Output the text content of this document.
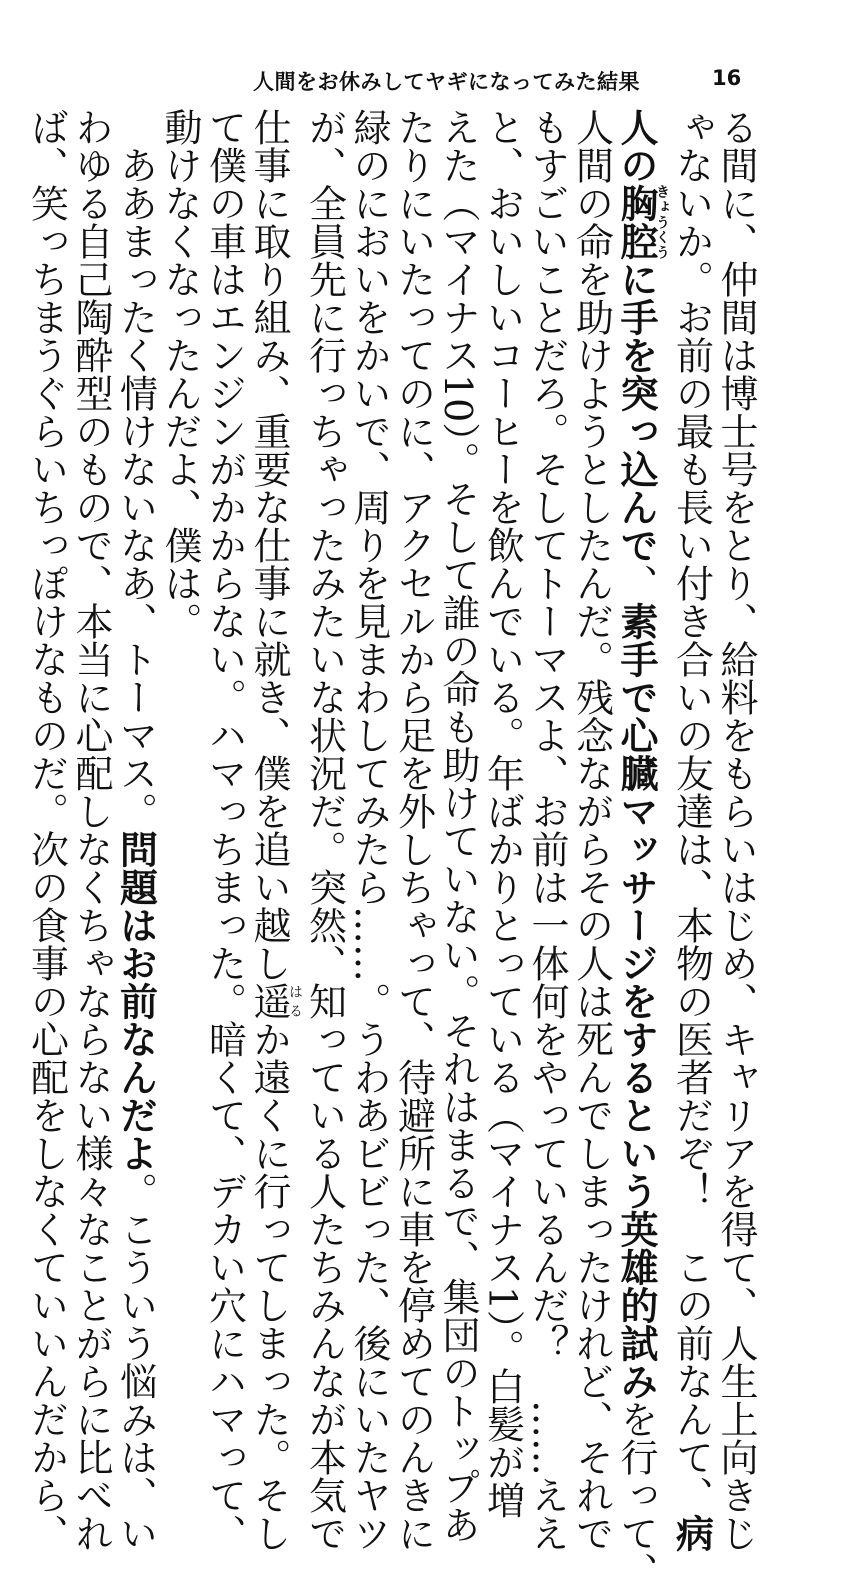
人間をお休みしてヤギになってみた結果	16
る間に、仲間は博士号をとり、給料をもらいはじめ、キャリアを得て、人生上向きじ
ゃないか。お前の最も長い付き合いの友達は、本物の医者だぞ！　この前なんて、病
人の胸腔きょうくうに手を突っ込んで、素手で心臓マッサージをするという英雄的試みを行って、
人間の命を助けようとしたんだ。残念ながらその人は死んでしまったけれど、それで
もすごいことだろ。そしてトーマスよ、お前は一体何をやっているんだ？　……ええ
と、おいしいコーヒーを飲んでいる。年ばかりとっている（マイナス1）。白髪が増
えた（マイナス10）。そして誰の命も助けていない。それはまるで、集団のトップあ
たりにいたってのに、アクセルから足を外しちゃって、待避所に車を停めてのんきに
緑のにおいをかいで、周りを見まわしてみたら……。うわあビビった、後にいたヤツ
が、全員先に行っちゃったみたいな状況だ。突然、知っている人たちみんなが本気で
仕事に取り組み、重要な仕事に就き、僕を追い越し遥はるか遠くに行ってしまった。そし
て僕の車はエンジンがかからない。ハマっちまった。暗くて、デカい穴にハマって、
動けなくなったんだよ、僕は。
ああまったく情けないなあ、トーマス。問題はお前なんだよ。こういう悩みは、い
わゆる自己陶酔型のもので、本当に心配しなくちゃならない様々なことがらに比べれ
ば、笑っちまうぐらいちっぽけなものだ。次の食事の心配をしなくていいんだから、
